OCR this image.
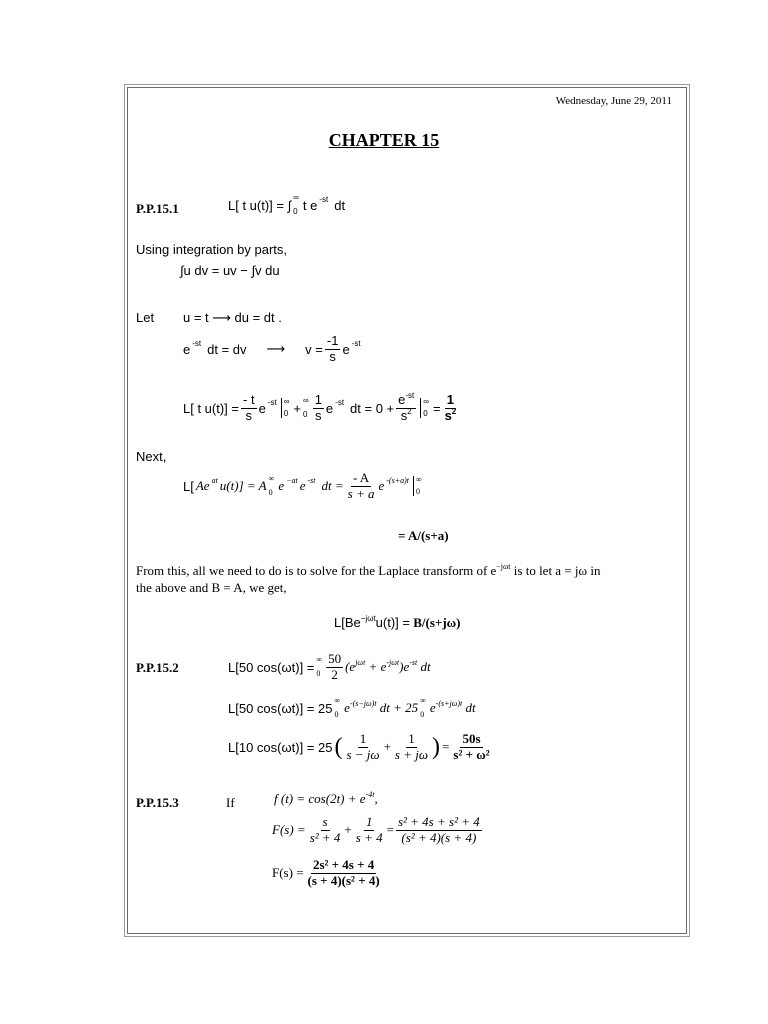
Wednesday, June 29, 2011
CHAPTER 15
P.P.15.1	L[ t u(t)] = ∫ ∞
0 t e -st dt
Using integration by parts,
∫u dv = uv − ∫v du
Let u = t ⟶ du = dt .
e -st dt = dv ⟶ $v = \frac{-1}{s}$ e -st
L[ t $u(t)] = \frac{- t}{s}$ e -st ∞
0 + ∞
$0 \frac{1}{s}$ e -st dt = $0 + \frac{e^{-st}}{s^2}$ ∞
$0 = \frac{1}{s^2}$
Next,
L[ Ae at u(t)] = A ∞
0 e −at e -st dt = $\frac{- A}{s + a}$ e -(s+a)t ∞
0
= A/(s+a)
From this, all we need to do is to solve for the Laplace transform of $e^{-j\omega t}$ is to let a = jω in
the above and B = A, we get,
$L[Be^{-j\omega t}u(t)] = B/(s+j\omega)$
P.P.15.2	L[50 cos(ωt)] = ∞
$0 \frac{50}{2} (e^{j\omega t} + e^{-j\omega t})e^{-st}$ dt
L[50 cos(ωt)] = 25 ∞
0 $e^{-(s-j\omega)t}$ dt + 25 ∞
0 $e^{-(s+j\omega)t}$ dt
L[10 cos(ωt)] = 25 ( $\frac{1}{s - j\omega} + \frac{1}{s + j\omega}$ ) = $\frac{50s}{\text{s² + ω²}}$
P.P.15.3	If	f $(t) = \cos(2t) + e^{-4t}$,
$F(s) = \frac{s}{\text{s² + 4}} + \frac{1}{s + 4} = \frac{\text{s² + 4s + s² + 4}}{\text{(s² + 4)(s + 4)}}$
$F(s) = \frac{\text{2s² + 4s + 4}}{\text{(s + 4)(s² + 4)}}$
